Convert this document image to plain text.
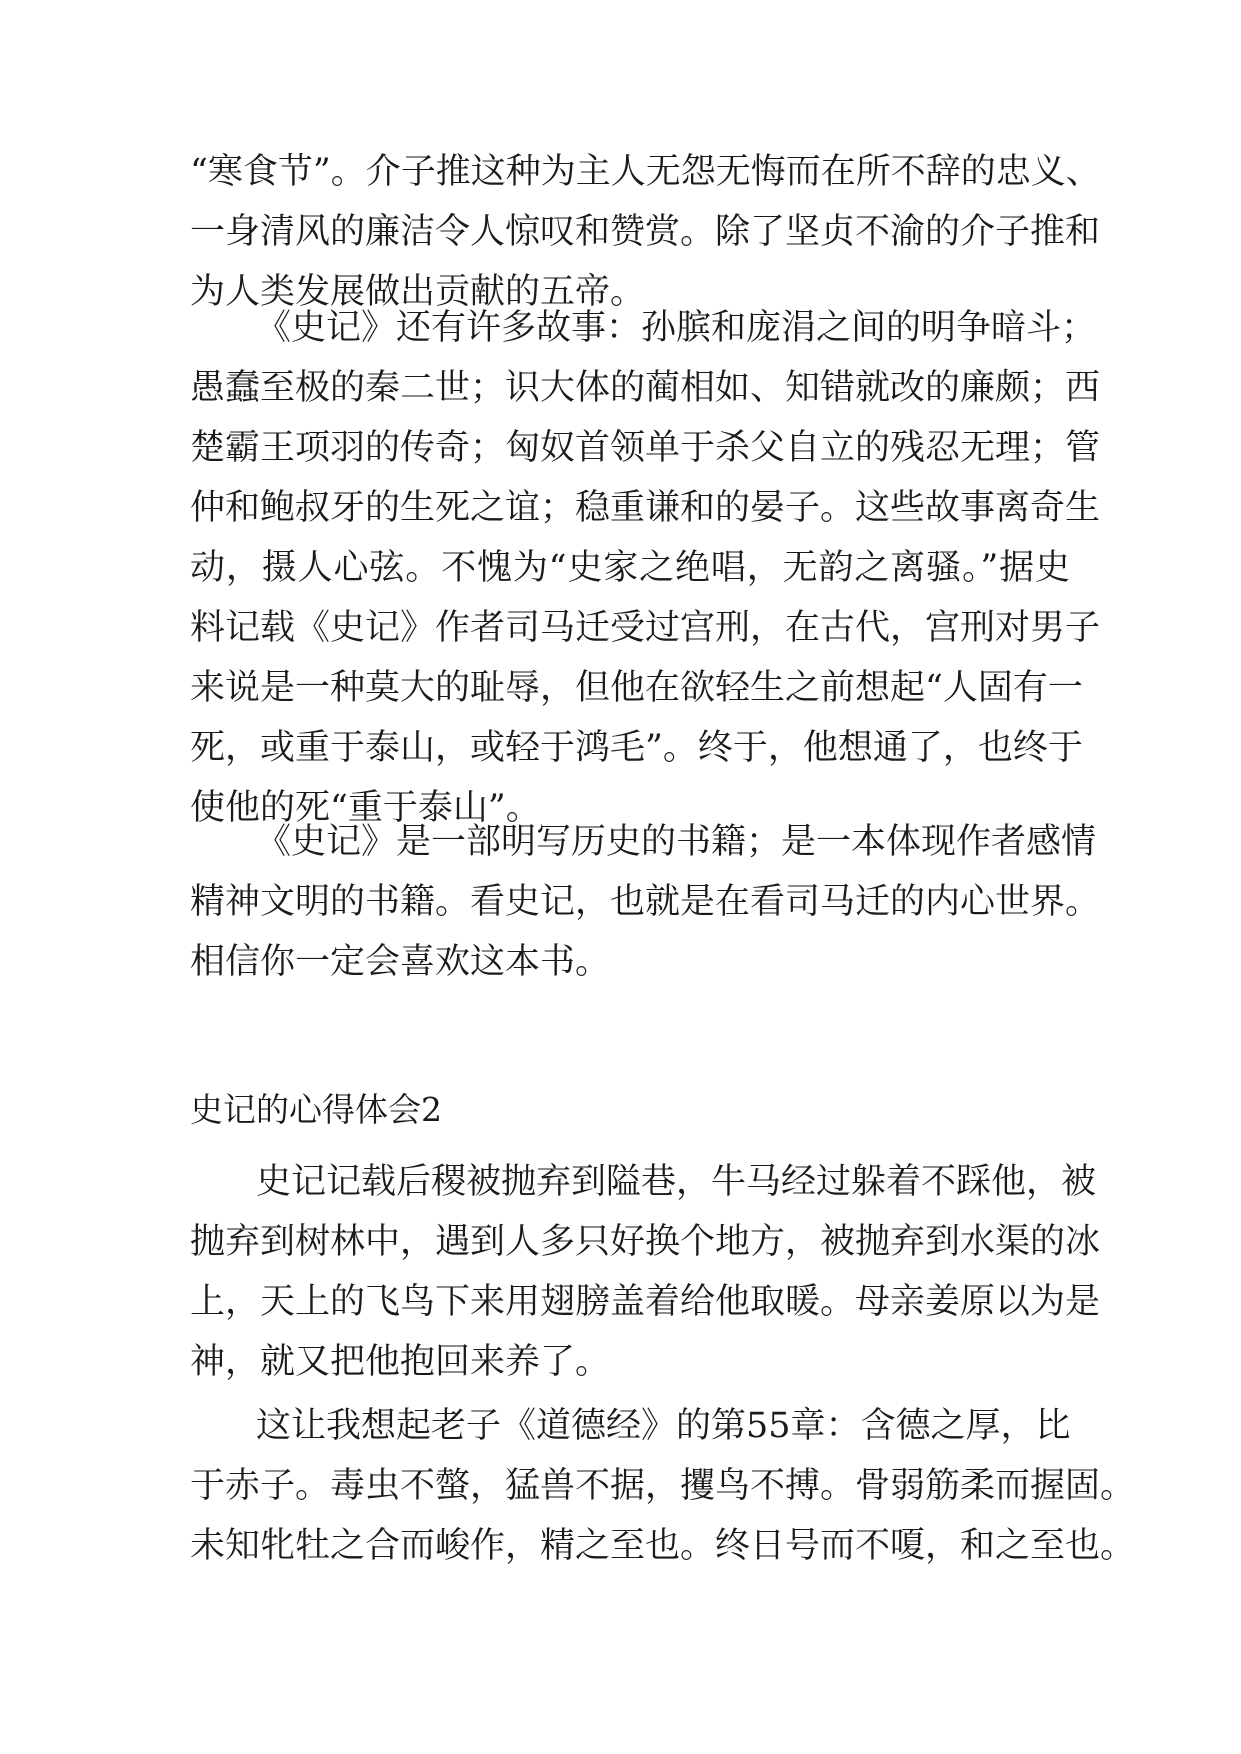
“寒食节”。介子推这种为主人无怨无悔而在所不辞的忠义、
一身清风的廉洁令人惊叹和赞赏。除了坚贞不渝的介子推和
为人类发展做出贡献的五帝。
《史记》还有许多故事：孙膑和庞涓之间的明争暗斗；
愚蠢至极的秦二世；识大体的蔺相如、知错就改的廉颇；西
楚霸王项羽的传奇；匈奴首领单于杀父自立的残忍无理；管
仲和鲍叔牙的生死之谊；稳重谦和的晏子。这些故事离奇生
动，摄人心弦。不愧为“史家之绝唱，无韵之离骚。”据史
料记载《史记》作者司马迁受过宫刑，在古代，宫刑对男子
来说是一种莫大的耻辱，但他在欲轻生之前想起“人固有一
死，或重于泰山，或轻于鸿毛”。终于，他想通了，也终于
使他的死“重于泰山”。
《史记》是一部明写历史的书籍；是一本体现作者感情
精神文明的书籍。看史记，也就是在看司马迁的内心世界。
相信你一定会喜欢这本书。
史记的心得体会2
史记记载后稷被抛弃到隘巷，牛马经过躲着不踩他，被
抛弃到树林中，遇到人多只好换个地方，被抛弃到水渠的冰
上，天上的飞鸟下来用翅膀盖着给他取暖。母亲姜原以为是
神，就又把他抱回来养了。
这让我想起老子《道德经》的第55章：含德之厚，比
于赤子。毒虫不螫，猛兽不据，攫鸟不搏。骨弱筋柔而握固。
未知牝牡之合而峻作，精之至也。终日号而不嗄，和之至也。
